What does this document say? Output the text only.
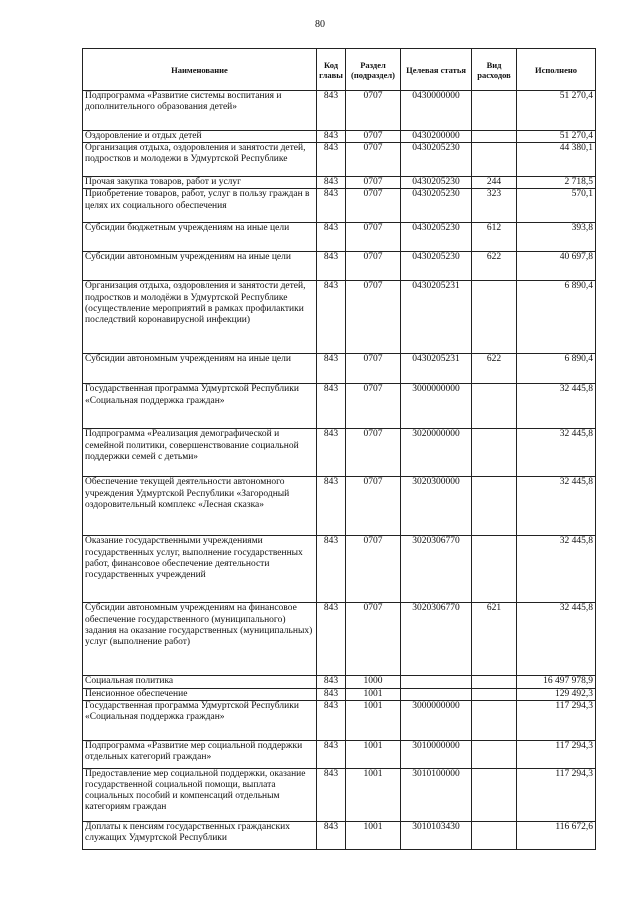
80
Наименование	Код главы	Раздел (подраздел)	Целевая статья	Вид расходов	Исполнено
Подпрограмма «Развитие системы воспитания и дополнительного образования детей»	843	0707	0430000000		51 270,4
Оздоровление и отдых детей	843	0707	0430200000		51 270,4
Организация отдыха, оздоровления и занятости детей, подростков и молодежи в Удмуртской Республике	843	0707	0430205230		44 380,1
Прочая закупка товаров, работ и услуг	843	0707	0430205230	244	2 718,5
Приобретение товаров, работ, услуг в пользу граждан в целях их социального обеспечения	843	0707	0430205230	323	570,1
Субсидии бюджетным учреждениям на иные цели	843	0707	0430205230	612	393,8
Субсидии автономным учреждениям на иные цели	843	0707	0430205230	622	40 697,8
Организация отдыха, оздоровления и занятости детей, подростков и молодёжи в Удмуртской Республике (осуществление мероприятий в рамках профилактики последствий коронавирусной инфекции)	843	0707	0430205231		6 890,4
Субсидии автономным учреждениям на иные цели	843	0707	0430205231	622	6 890,4
Государственная программа Удмуртской Республики «Социальная поддержка граждан»	843	0707	3000000000		32 445,8
Подпрограмма «Реализация демографической и семейной политики, совершенствование социальной поддержки семей с детьми»	843	0707	3020000000		32 445,8
Обеспечение текущей деятельности автономного учреждения Удмуртской Республики «Загородный оздоровительный комплекс «Лесная сказка»	843	0707	3020300000		32 445,8
Оказание государственными учреждениями государственных услуг, выполнение государственных работ, финансовое обеспечение деятельности государственных учреждений	843	0707	3020306770		32 445,8
Субсидии автономным учреждениям на финансовое обеспечение государственного (муниципального) задания на оказание государственных (муниципальных) услуг (выполнение работ)	843	0707	3020306770	621	32 445,8
Социальная политика	843	1000			16 497 978,9
Пенсионное обеспечение	843	1001			129 492,3
Государственная программа Удмуртской Республики «Социальная поддержка граждан»	843	1001	3000000000		117 294,3
Подпрограмма «Развитие мер социальной поддержки отдельных категорий граждан»	843	1001	3010000000		117 294,3
Предоставление мер социальной поддержки, оказание государственной социальной помощи, выплата социальных пособий и компенсаций отдельным категориям граждан	843	1001	3010100000		117 294,3
Доплаты к пенсиям государственных гражданских служащих Удмуртской Республики	843	1001	3010103430		116 672,6
